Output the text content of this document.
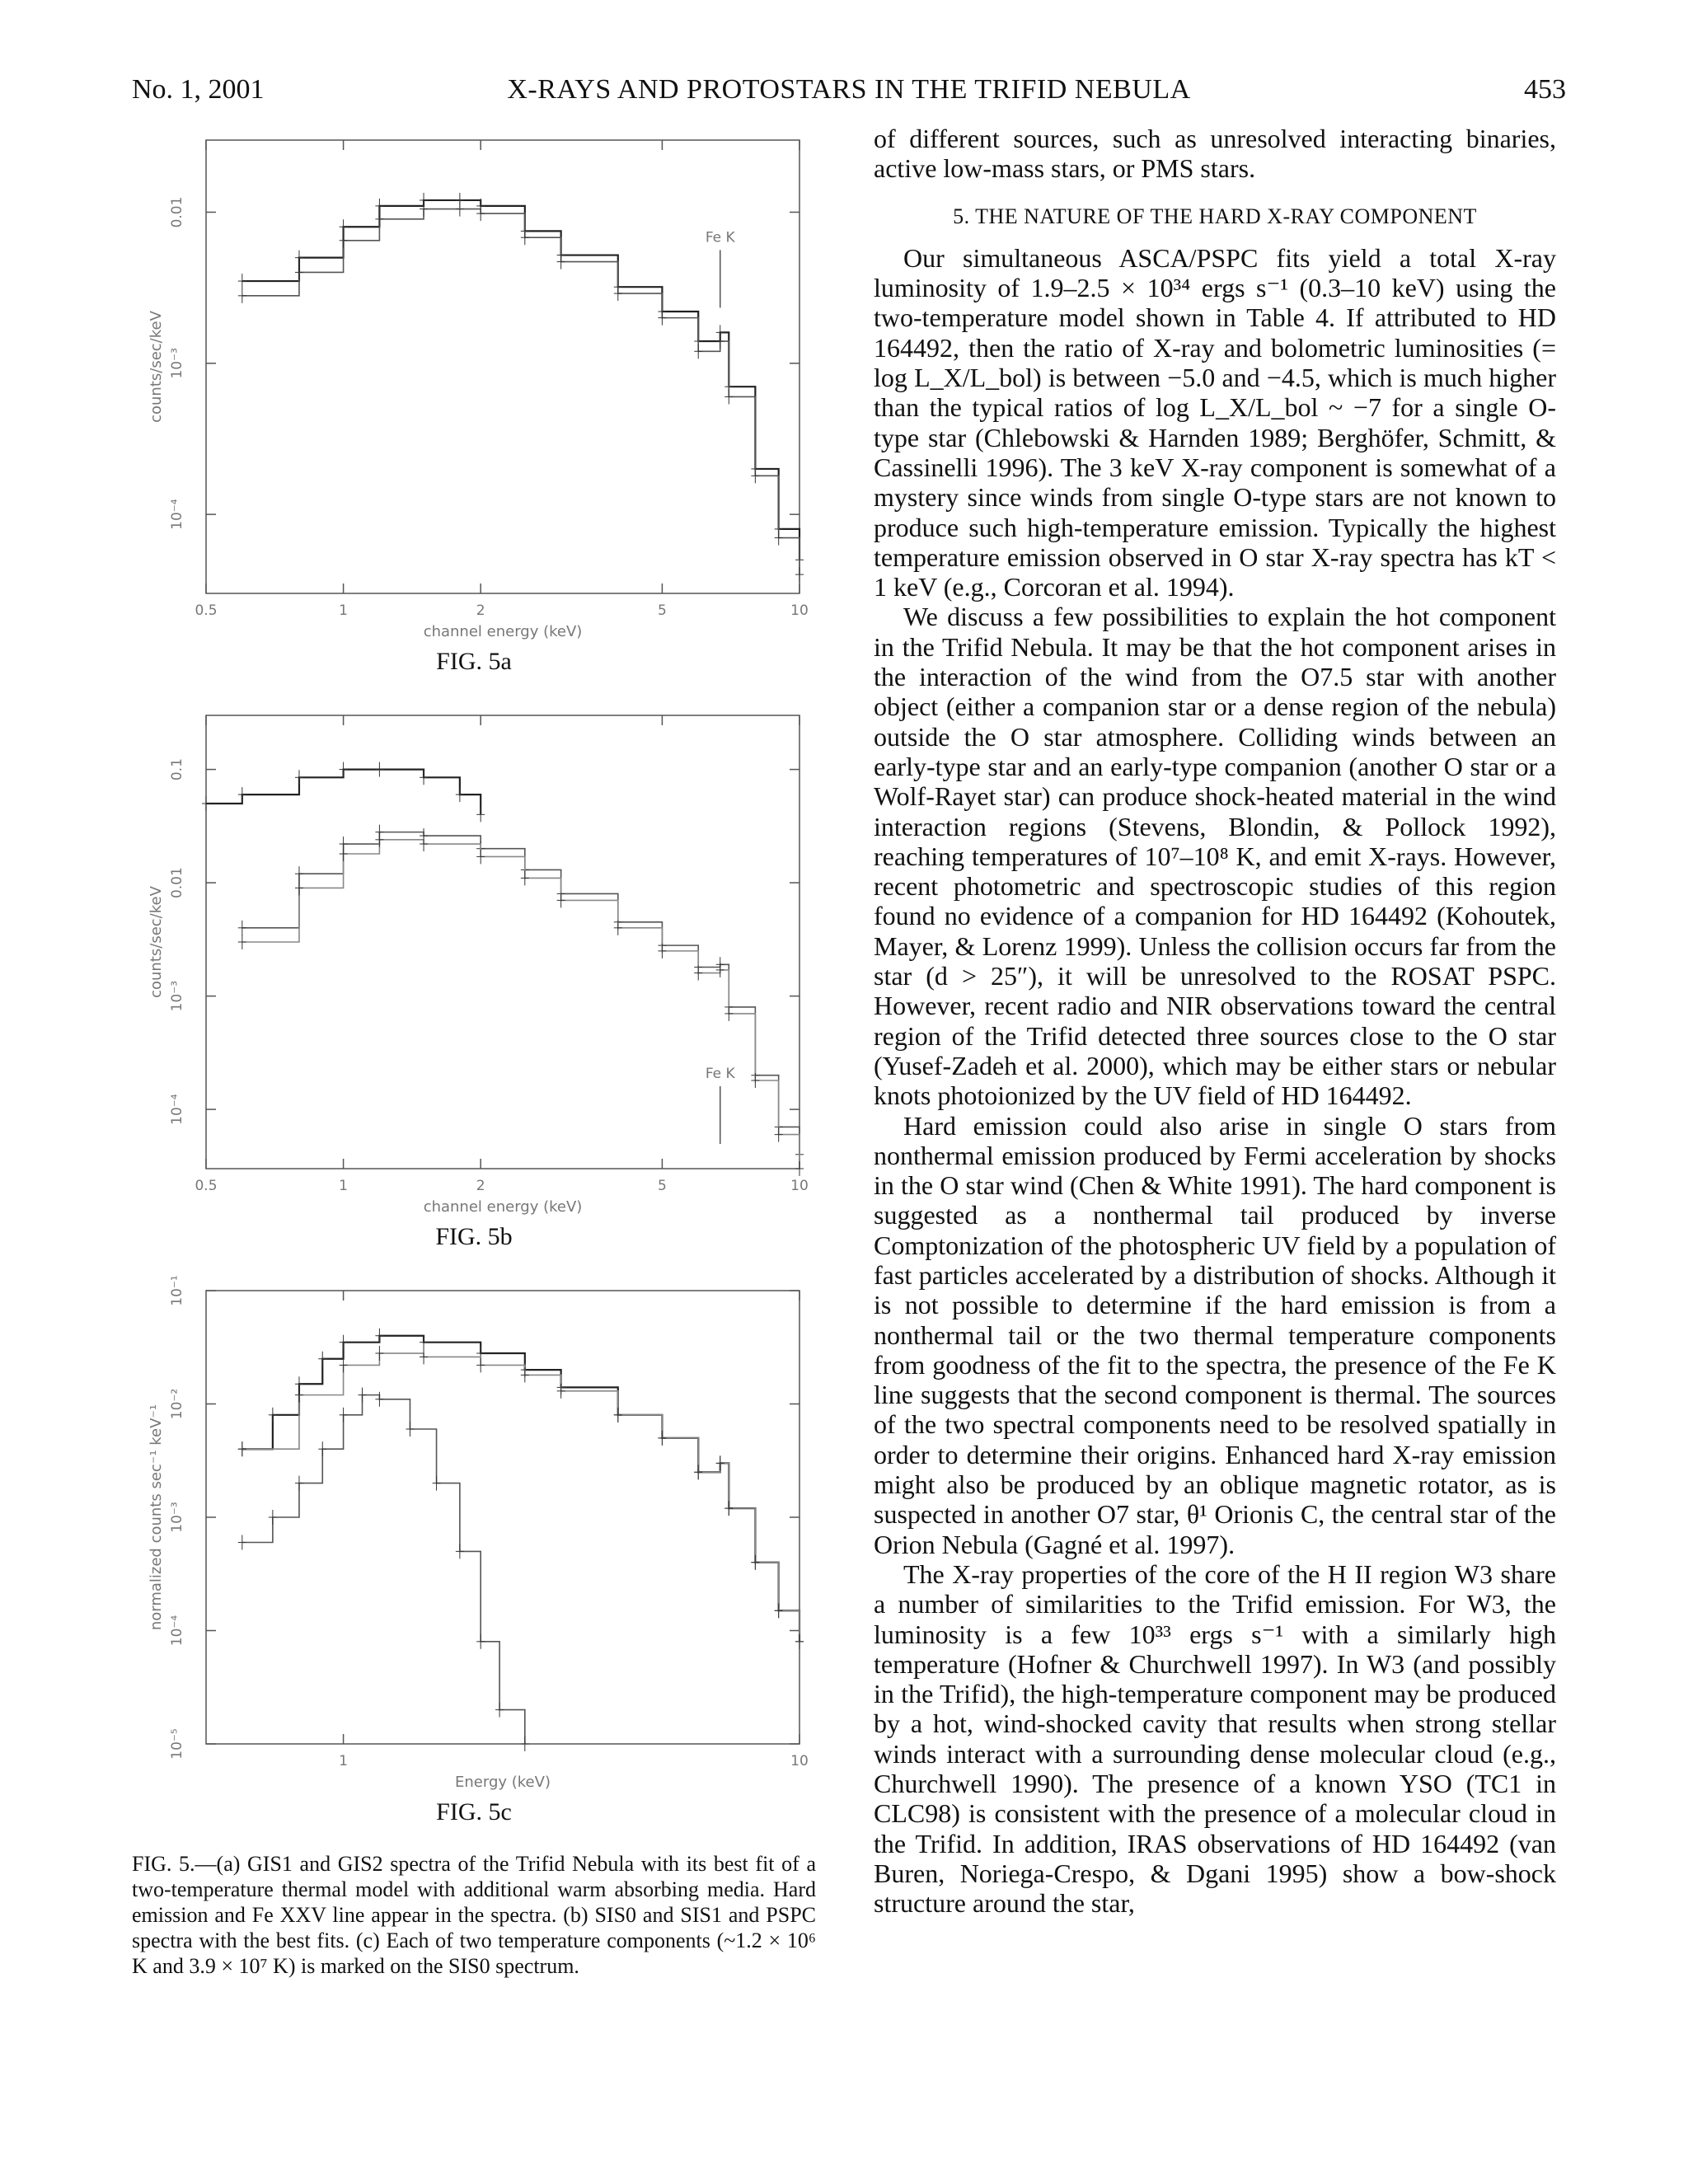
No. 1, 2001	X-RAYS AND PROTOSTARS IN THE TRIFID NEBULA	453
0.5	1	2	5	10
10⁻⁴
10⁻³
0.01
channel energy (keV)
counts/sec/keV
Fe K
FIG. 5a
0.5	1	2	5	10
10⁻⁴
10⁻³
0.01
0.1
channel energy (keV)
counts/sec/keV
Fe K
FIG. 5b
1	10
10⁻¹
10⁻²
10⁻³
10⁻⁴
10⁻⁵
Energy (keV)
normalized counts sec⁻¹ keV⁻¹
FIG. 5c
FIG. 5.—(a) GIS1 and GIS2 spectra of the Trifid Nebula with its best fit of a two-temperature thermal model with additional warm absorbing media. Hard emission and Fe XXV line appear in the spectra. (b) SIS0 and SIS1 and PSPC spectra with the best fits. (c) Each of two temperature components (~1.2 × 10⁶ K and 3.9 × 10⁷ K) is marked on the SIS0 spectrum.

of different sources, such as unresolved interacting binaries, active low-mass stars, or PMS stars.

5. THE NATURE OF THE HARD X-RAY COMPONENT

Our simultaneous ASCA/PSPC fits yield a total X-ray luminosity of 1.9–2.5 × 10³⁴ ergs s⁻¹ (0.3–10 keV) using the two-temperature model shown in Table 4. If attributed to HD 164492, then the ratio of X-ray and bolometric luminosities (= log L_X/L_bol) is between −5.0 and −4.5, which is much higher than the typical ratios of log L_X/L_bol ~ −7 for a single O-type star (Chlebowski & Harnden 1989; Berghöfer, Schmitt, & Cassinelli 1996). The 3 keV X-ray component is somewhat of a mystery since winds from single O-type stars are not known to produce such high-temperature emission. Typically the highest temperature emission observed in O star X-ray spectra has kT < 1 keV (e.g., Corcoran et al. 1994).

We discuss a few possibilities to explain the hot component in the Trifid Nebula. It may be that the hot component arises in the interaction of the wind from the O7.5 star with another object (either a companion star or a dense region of the nebula) outside the O star atmosphere. Colliding winds between an early-type star and an early-type companion (another O star or a Wolf-Rayet star) can produce shock-heated material in the wind interaction regions (Stevens, Blondin, & Pollock 1992), reaching temperatures of 10⁷–10⁸ K, and emit X-rays. However, recent photometric and spectroscopic studies of this region found no evidence of a companion for HD 164492 (Kohoutek, Mayer, & Lorenz 1999). Unless the collision occurs far from the star (d > 25″), it will be unresolved to the ROSAT PSPC. However, recent radio and NIR observations toward the central region of the Trifid detected three sources close to the O star (Yusef-Zadeh et al. 2000), which may be either stars or nebular knots photoionized by the UV field of HD 164492.

Hard emission could also arise in single O stars from nonthermal emission produced by Fermi acceleration by shocks in the O star wind (Chen & White 1991). The hard component is suggested as a nonthermal tail produced by inverse Comptonization of the photospheric UV field by a population of fast particles accelerated by a distribution of shocks. Although it is not possible to determine if the hard emission is from a nonthermal tail or the two thermal temperature components from goodness of the fit to the spectra, the presence of the Fe K line suggests that the second component is thermal. The sources of the two spectral components need to be resolved spatially in order to determine their origins. Enhanced hard X-ray emission might also be produced by an oblique magnetic rotator, as is suspected in another O7 star, θ¹ Orionis C, the central star of the Orion Nebula (Gagné et al. 1997).

The X-ray properties of the core of the H II region W3 share a number of similarities to the Trifid emission. For W3, the luminosity is a few 10³³ ergs s⁻¹ with a similarly high temperature (Hofner & Churchwell 1997). In W3 (and possibly in the Trifid), the high-temperature component may be produced by a hot, wind-shocked cavity that results when strong stellar winds interact with a surrounding dense molecular cloud (e.g., Churchwell 1990). The presence of a known YSO (TC1 in CLC98) is consistent with the presence of a molecular cloud in the Trifid. In addition, IRAS observations of HD 164492 (van Buren, Noriega-Crespo, & Dgani 1995) show a bow-shock structure around the star,
